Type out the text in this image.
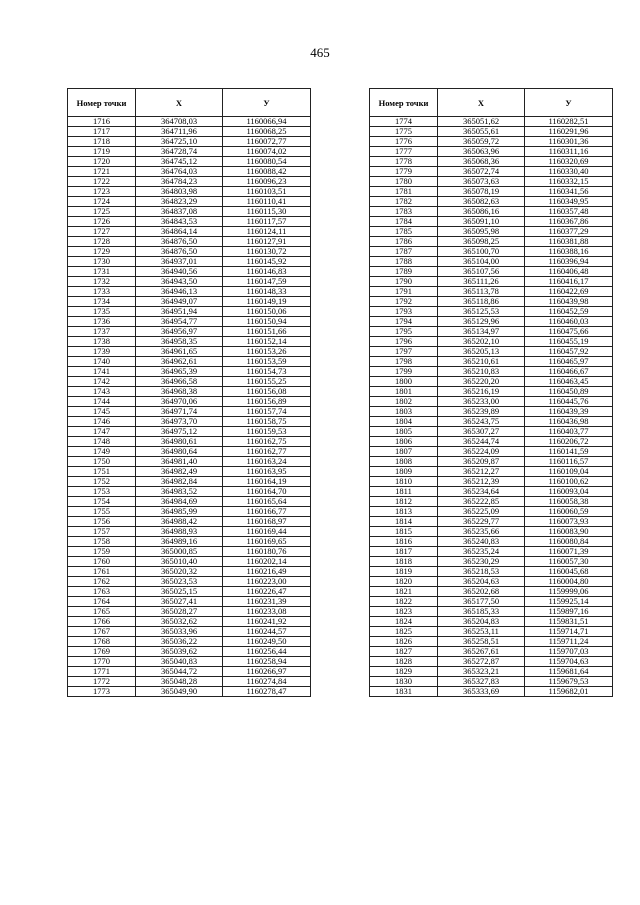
465
Номер точки	X	У
1716	364708,03	1160066,94
1717	364711,96	1160068,25
1718	364725,10	1160072,77
1719	364728,74	1160074,02
1720	364745,12	1160080,54
1721	364764,03	1160088,42
1722	364784,23	1160096,23
1723	364803,98	1160103,51
1724	364823,29	1160110,41
1725	364837,08	1160115,30
1726	364843,53	1160117,57
1727	364864,14	1160124,11
1728	364876,50	1160127,91
1729	364876,50	1160130,72
1730	364937,01	1160145,92
1731	364940,56	1160146,83
1732	364943,50	1160147,59
1733	364946,13	1160148,33
1734	364949,07	1160149,19
1735	364951,94	1160150,06
1736	364954,77	1160150,94
1737	364956,97	1160151,66
1738	364958,35	1160152,14
1739	364961,65	1160153,26
1740	364962,61	1160153,59
1741	364965,39	1160154,73
1742	364966,58	1160155,25
1743	364968,38	1160156,08
1744	364970,06	1160156,89
1745	364971,74	1160157,74
1746	364973,70	1160158,75
1747	364975,12	1160159,53
1748	364980,61	1160162,75
1749	364980,64	1160162,77
1750	364981,40	1160163,24
1751	364982,49	1160163,95
1752	364982,84	1160164,19
1753	364983,52	1160164,70
1754	364984,69	1160165,64
1755	364985,99	1160166,77
1756	364988,42	1160168,97
1757	364988,93	1160169,44
1758	364989,16	1160169,65
1759	365000,85	1160180,76
1760	365010,40	1160202,14
1761	365020,32	1160216,49
1762	365023,53	1160223,00
1763	365025,15	1160226,47
1764	365027,41	1160231,39
1765	365028,27	1160233,08
1766	365032,62	1160241,92
1767	365033,96	1160244,57
1768	365036,22	1160249,50
1769	365039,62	1160256,44
1770	365040,83	1160258,94
1771	365044,72	1160266,97
1772	365048,28	1160274,84
1773	365049,90	1160278,47
Номер точки	X	У
1774	365051,62	1160282,51
1775	365055,61	1160291,96
1776	365059,72	1160301,36
1777	365063,96	1160311,16
1778	365068,36	1160320,69
1779	365072,74	1160330,40
1780	365073,63	1160332,15
1781	365078,19	1160341,56
1782	365082,63	1160349,95
1783	365086,16	1160357,48
1784	365091,10	1160367,86
1785	365095,98	1160377,29
1786	365098,25	1160381,88
1787	365100,70	1160388,16
1788	365104,00	1160396,94
1789	365107,56	1160406,48
1790	365111,26	1160416,17
1791	365113,78	1160422,69
1792	365118,86	1160439,98
1793	365125,53	1160452,59
1794	365129,96	1160460,03
1795	365134,97	1160475,66
1796	365202,10	1160455,19
1797	365205,13	1160457,92
1798	365210,61	1160465,97
1799	365210,83	1160466,67
1800	365220,20	1160463,45
1801	365216,19	1160450,89
1802	365233,00	1160445,76
1803	365239,89	1160439,39
1804	365243,75	1160436,98
1805	365307,27	1160403,77
1806	365244,74	1160206,72
1807	365224,09	1160141,59
1808	365209,87	1160116,57
1809	365212,27	1160109,04
1810	365212,39	1160100,62
1811	365234,64	1160093,04
1812	365222,85	1160058,38
1813	365225,09	1160060,59
1814	365229,77	1160073,93
1815	365235,66	1160083,90
1816	365240,83	1160080,84
1817	365235,24	1160071,39
1818	365230,29	1160057,30
1819	365218,53	1160045,68
1820	365204,63	1160004,80
1821	365202,68	1159999,06
1822	365177,50	1159925,14
1823	365185,33	1159897,16
1824	365204,83	1159831,51
1825	365253,11	1159714,71
1826	365258,51	1159711,24
1827	365267,61	1159707,03
1828	365272,87	1159704,63
1829	365323,21	1159681,64
1830	365327,83	1159679,53
1831	365333,69	1159682,01
